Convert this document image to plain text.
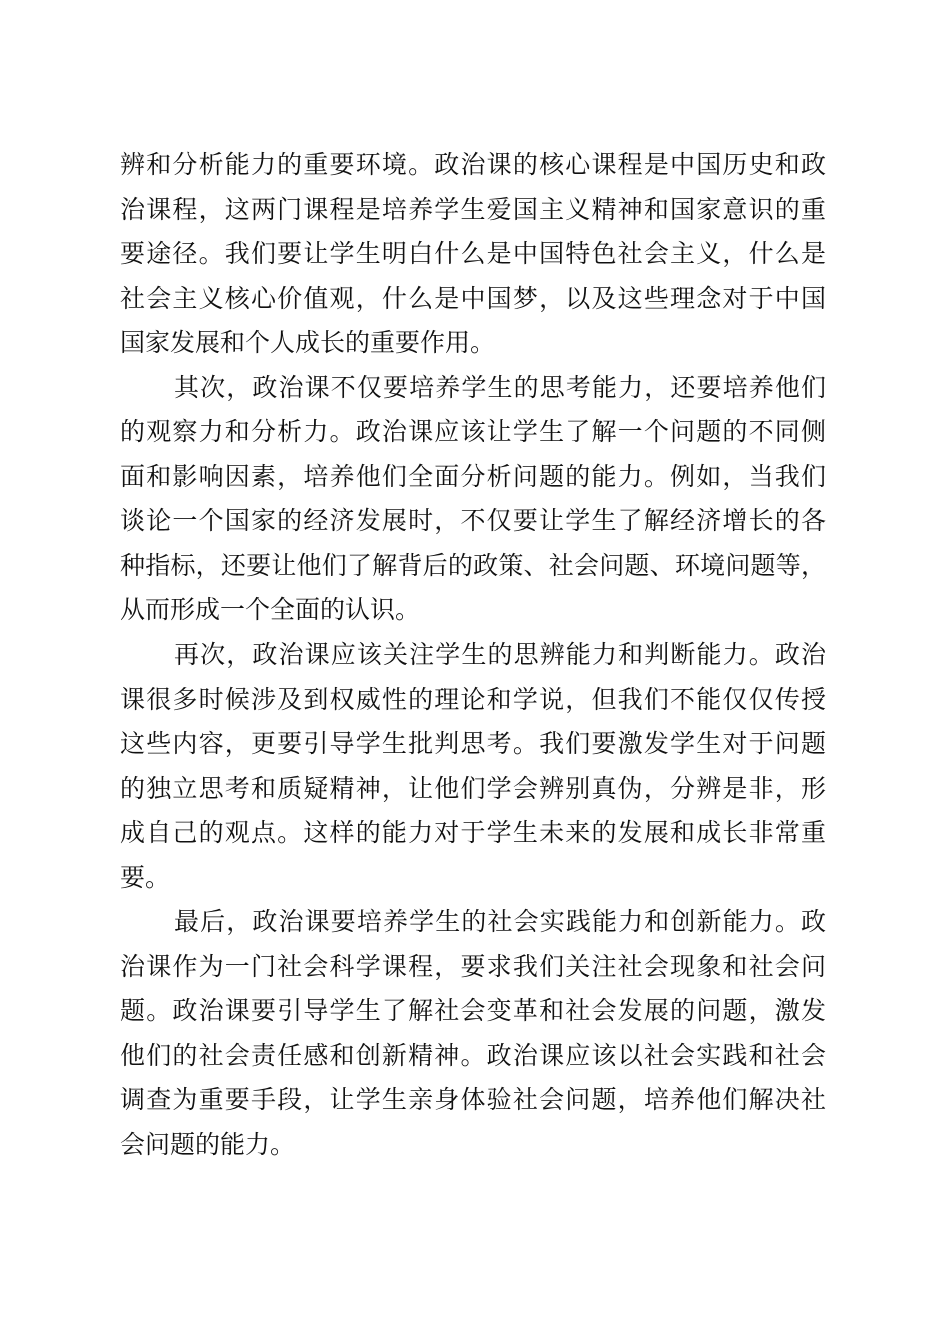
辨和分析能力的重要环境。政治课的核心课程是中国历史和政
治课程，这两门课程是培养学生爱国主义精神和国家意识的重
要途径。我们要让学生明白什么是中国特色社会主义，什么是
社会主义核心价值观，什么是中国梦，以及这些理念对于中国
国家发展和个人成长的重要作用。
其次，政治课不仅要培养学生的思考能力，还要培养他们
的观察力和分析力。政治课应该让学生了解一个问题的不同侧
面和影响因素，培养他们全面分析问题的能力。例如，当我们
谈论一个国家的经济发展时，不仅要让学生了解经济增长的各
种指标，还要让他们了解背后的政策、社会问题、环境问题等，
从而形成一个全面的认识。
再次，政治课应该关注学生的思辨能力和判断能力。政治
课很多时候涉及到权威性的理论和学说，但我们不能仅仅传授
这些内容，更要引导学生批判思考。我们要激发学生对于问题
的独立思考和质疑精神，让他们学会辨别真伪，分辨是非，形
成自己的观点。这样的能力对于学生未来的发展和成长非常重
要。
最后，政治课要培养学生的社会实践能力和创新能力。政
治课作为一门社会科学课程，要求我们关注社会现象和社会问
题。政治课要引导学生了解社会变革和社会发展的问题，激发
他们的社会责任感和创新精神。政治课应该以社会实践和社会
调查为重要手段，让学生亲身体验社会问题，培养他们解决社
会问题的能力。
